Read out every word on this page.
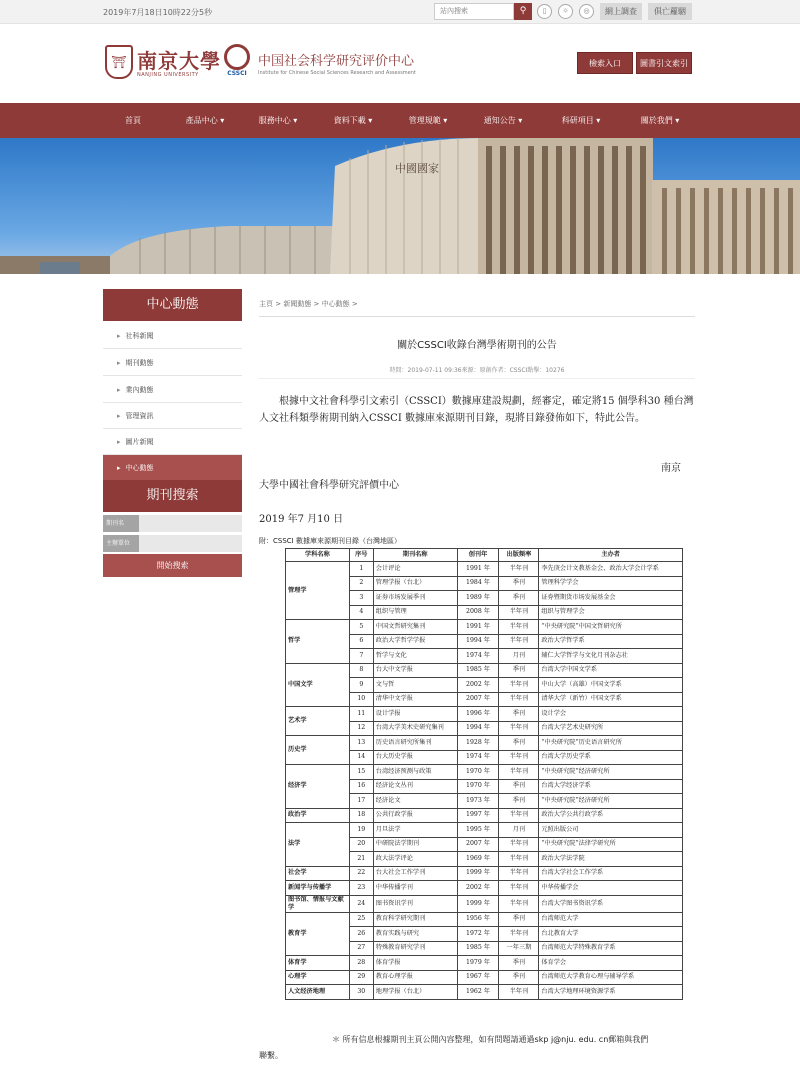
2019年7月18日10時22分5秒
站內搜索	⚲	▯	☼	◎	網上調查	俱亡蘿駰
⛩ 南京大學
NANJING UNIVERSITY	CSSCI
中国社会科学研究评价中心
Institute for Chinese Social Sciences Research and Assessment
檢索入口	圖書引文索引
首頁	產品中心 ▾	服務中心 ▾	資料下載 ▾	管理規範 ▾	通知公告 ▾	科研項目 ▾	關於我們 ▾
中國國家
中心動態
▸ 社科新聞
▸ 期刊動態
▸ 業內動態
▸ 管理資訊
▸ 圖片新聞
▸ 中心動態
期刊搜索
期刊名
主辦單位
開始搜索
主頁 > 新聞動態 > 中心動態 >
關於CSSCI收錄台灣學術期刊的公告
時間：2019-07-11 09:36來源：原創作者：CSSCI點擊：10276
根據中文社會科學引文索引（CSSCI）數據庫建設規劃，經審定，確定將15 個學科30 種台灣人文社科類學術期刊納入CSSCI 數據庫來源期刊目錄，現將目錄發佈如下，特此公告。
南京
大學中國社會科學研究評價中心
2019 年7 月10 日
附：CSSCI 數據庫來源期刊目錄（台灣地區）
学科名称	序号	期刊名称	创刊年	出版频率	主办者
管理学	1	会计评论	1991 年	半年刊	李先庚会计文教基金会、政治大学会计学系
	2	管理学报（台北）	1984 年	季刊	管理科学学会
	3	证券市场发展季刊	1989 年	季刊	证券暨期货市场发展基金会
	4	组织与管理	2008 年	半年刊	组织与管理学会
哲学	5	中国文哲研究集刊	1991 年	半年刊	“中央研究院”中国文哲研究所
	6	政治大学哲学学报	1994 年	半年刊	政治大学哲学系
	7	哲学与文化	1974 年	月刊	辅仁大学哲学与文化月刊杂志社
中国文学	8	台大中文学报	1985 年	季刊	台湾大学中国文学系
	9	文与哲	2002 年	半年刊	中山大学（高雄）中国文学系
	10	清华中文学报	2007 年	半年刊	清华大学（新竹）中国文学系
艺术学	11	设计学报	1996 年	季刊	设计学会
	12	台湾大学美术史研究集刊	1994 年	半年刊	台湾大学艺术史研究所
历史学	13	历史语言研究所集刊	1928 年	季刊	“中央研究院”历史语言研究所
	14	台大历史学报	1974 年	半年刊	台湾大学历史学系
经济学	15	台湾经济预测与政策	1970 年	半年刊	“中央研究院”经济研究所
	16	经济论文丛刊	1970 年	季刊	台湾大学经济学系
	17	经济论文	1973 年	季刊	“中央研究院”经济研究所
政治学	18	公共行政学报	1997 年	半年刊	政治大学公共行政学系
法学	19	月旦法学	1995 年	月刊	元照出版公司
	20	中研院法学期刊	2007 年	半年刊	“中央研究院”法律学研究所
	21	政大法学评论	1969 年	半年刊	政治大学法学院
社会学	22	台大社会工作学刊	1999 年	半年刊	台湾大学社会工作学系
新闻学与传播学	23	中华传播学刊	2002 年	半年刊	中华传播学会
图书馆、情报与文献学	24	图书资讯学刊	1999 年	半年刊	台湾大学图书资讯学系
教育学	25	教育科学研究期刊	1956 年	季刊	台湾师范大学
	26	教育实践与研究	1972 年	半年刊	台北教育大学
	27	特殊教育研究学刊	1985 年	一年三期	台湾师范大学特殊教育学系
体育学	28	体育学报	1979 年	季刊	体育学会
心理学	29	教育心理学报	1967 年	季刊	台湾师范大学教育心理与辅导学系
人文经济地理	30	地理学报（台北）	1962 年	半年刊	台湾大学地理环境资源学系
＊ 所有信息根據期刊主頁公開內容整理，如有問題請通過skp j@nju. edu. cn郵箱與我們
聯繫。
